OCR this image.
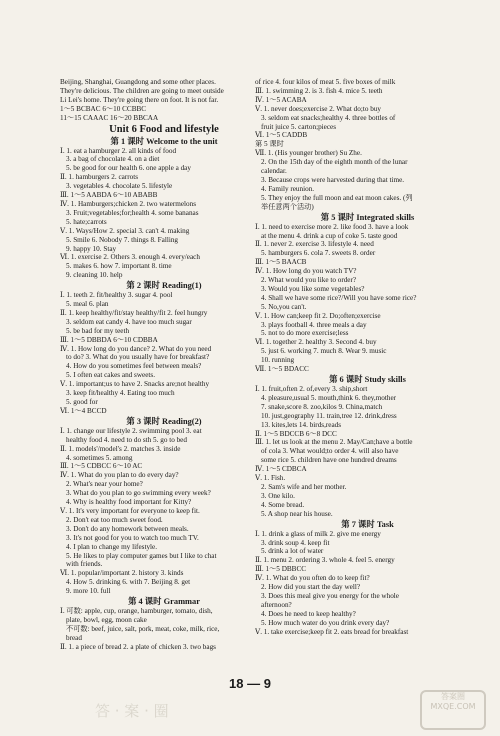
Beijing, Shanghai, Guangdong and some other places.
They're delicious. The children are going to meet outside
Li Lei's home. They're going there on foot. It is not far.
1～5 BCBAC 6～10 CCBBC
11～15 CAAAC 16～20 BBCAA
Unit 6 Food and lifestyle
第 1 课时 Welcome to the unit
Ⅰ. 1. eat a hamburger 2. all kinds of food
3. a bag of chocolate 4. on a diet
5. be good for our health 6. one apple a day
Ⅱ. 1. hamburgers 2. carrots
3. vegetables 4. chocolate 5. lifestyle
Ⅲ. 1～5 AABDA 6～10 ABABB
Ⅳ. 1. Hamburgers;chicken 2. two watermelons
3. Fruit;vegetables;for;health 4. some bananas
5. hate;carrots
Ⅴ. 1. Ways/How 2. special 3. can't 4. making
5. Smile 6. Nobody 7. things 8. Falling
9. happy 10. Stay
Ⅵ. 1. exercise 2. Others 3. enough 4. every/each
5. makes 6. how 7. important 8. time
9. cleaning 10. help
第 2 课时 Reading(1)
Ⅰ. 1. teeth 2. fit/healthy 3. sugar 4. pool
5. meal 6. plan
Ⅱ. 1. keep healthy/fit/stay healthy/fit 2. feel hungry
3. seldom eat candy 4. have too much sugar
5. be bad for my teeth
Ⅲ. 1～5 DBBDA 6～10 CDBBA
Ⅳ. 1. How long do you dance? 2. What do you need
to do? 3. What do you usually have for breakfast?
4. How do you sometimes feel between meals?
5. I often eat cakes and sweets.
Ⅴ. 1. important;us to have 2. Snacks are;not healthy
3. keep fit/healthy 4. Eating too much
5. good for
Ⅵ. 1～4 BCCD
第 3 课时 Reading(2)
Ⅰ. 1. change our lifestyle 2. swimming pool 3. eat
healthy food 4. need to do sth 5. go to bed
Ⅱ. 1. models'/model's 2. matches 3. inside
4. sometimes 5. among
Ⅲ. 1～5 CDBCC 6～10 AC
Ⅳ. 1. What do you plan to do every day?
2. What's near your home?
3. What do you plan to go swimming every week?
4. Why is healthy food important for Kitty?
Ⅴ. 1. It's very important for everyone to keep fit.
2. Don't eat too much sweet food.
3. Don't do any homework between meals.
3. It's not good for you to watch too much TV.
4. I plan to change my lifestyle.
5. He likes to play computer games but I like to chat
with friends.
Ⅵ. 1. popular/important 2. history 3. kinds
4. How 5. drinking 6. with 7. Beijing 8. get
9. more 10. full
第 4 课时 Grammar
Ⅰ. 可数: apple, cup, orange, hamburger, tomato, dish,
plate, bowl, egg, moon cake
不可数: beef, juice, salt, pork, meat, coke, milk, rice,
bread
Ⅱ. 1. a piece of bread 2. a plate of chicken 3. two bags
of rice 4. four kilos of meat 5. five boxes of milk
Ⅲ. 1. swimming 2. is 3. fish 4. mice 5. teeth
Ⅳ. 1～5 ACABA
Ⅴ. 1. never does;exercise 2. What do;to buy
3. seldom eat snacks;healthy 4. three bottles of
fruit juice 5. carton;pieces
Ⅵ. 1～5 CADDB
第 5 课时
Ⅶ. 1. (His younger brother) Su Zhe.
2. On the 15th day of the eighth month of the lunar
calendar.
3. Because crops were harvested during that time.
4. Family reunion.
5. They enjoy the full moon and eat moon cakes. (列
举任意两个活动)
第 5 课时 Integrated skills
Ⅰ. 1. need to exercise more 2. like food 3. have a look
at the menu 4. drink a cup of coke 5. taste good
Ⅱ. 1. never 2. exercise 3. lifestyle 4. need
5. hamburgers 6. cola 7. sweets 8. order
Ⅲ. 1～5 BAACB
Ⅳ. 1. How long do you watch TV?
2. What would you like to order?
3. Would you like some vegetables?
4. Shall we have some rice?/Will you have some rice?
5. No,you can't.
Ⅴ. 1. How can;keep fit 2. Do;often;exercise
3. plays football 4. three meals a day
5. not to do more exercise;less
Ⅵ. 1. together 2. healthy 3. Second 4. buy
5. just 6. working 7. much 8. Wear 9. music
10. running
Ⅶ. 1～5 BDACC
第 6 课时 Study skills
Ⅰ. 1. fruit,often 2. of,every 3. ship,short
4. pleasure,usual 5. mouth,think 6. they,mother
7. snake,score 8. zoo,kilos 9. China,match
10. just,geography 11. train,tree 12. drink,dress
13. kites,lets 14. birds,reads
Ⅱ. 1～5 BDCCB 6～8 DCC
Ⅲ. 1. let us look at the menu 2. May/Can;have a bottle
of cola 3. What would;to order 4. will also have
some rice 5. children have one hundred dreams
Ⅳ. 1～5 CDBCA
Ⅴ. 1. Fish.
2. Sam's wife and her mother.
3. One kilo.
4. Some bread.
5. A shop near his house.
第 7 课时 Task
Ⅰ. 1. drink a glass of milk 2. give me energy
3. drink soup 4. keep fit
5. drink a lot of water
Ⅱ. 1. menu 2. ordering 3. whole 4. feel 5. energy
Ⅲ. 1～5 DBBCC
Ⅳ. 1. What do you often do to keep fit?
2. How did you start the day well?
3. Does this meal give you energy for the whole
afternoon?
4. Does he need to keep healthy?
5. How much water do you drink every day?
Ⅴ. 1. take exercise;keep fit 2. eats bread for breakfast
18 — 9
答 · 案 · 圈
答案圈
MXQE.COM
